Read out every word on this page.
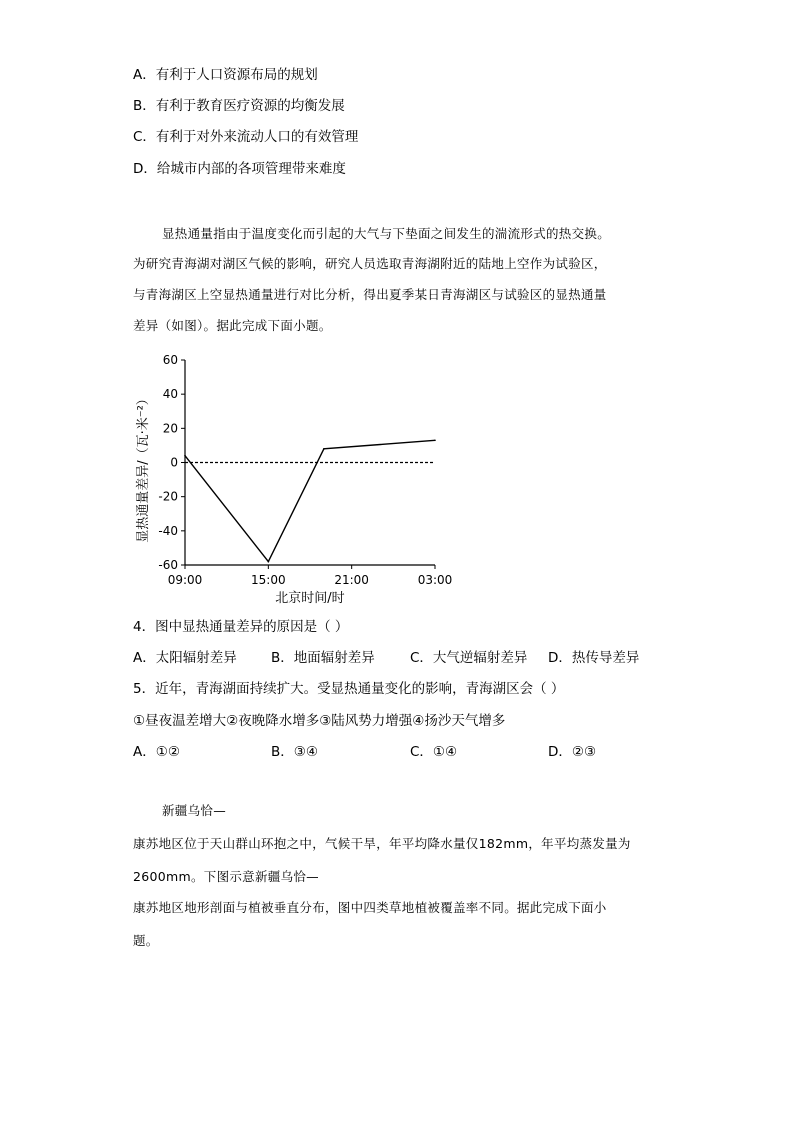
A．有利于人口资源布局的规划
B．有利于教育医疗资源的均衡发展
C．有利于对外来流动人口的有效管理
D．给城市内部的各项管理带来难度
显热通量指由于温度变化而引起的大气与下垫面之间发生的湍流形式的热交换。
为研究青海湖对湖区气候的影响，研究人员选取青海湖附近的陆地上空作为试验区，
与青海湖区上空显热通量进行对比分析，得出夏季某日青海湖区与试验区的显热通量
差异（如图）。据此完成下面小题。
60
40
20
0
-20
-40
-60
09:00	15:00	21:00	03:00
北京时间/时
显热通量差异/（瓦·米⁻²）
4．图中显热通量差异的原因是（ ）
A．太阳辐射差异	B．地面辐射差异	C．大气逆辐射差异 D．热传导差异
5．近年，青海湖面持续扩大。受显热通量变化的影响，青海湖区会（ ）
①昼夜温差增大②夜晚降水增多③陆风势力增强④扬沙天气增多
A．①②	B．③④	C．①④	D．②③
新疆乌恰—
康苏地区位于天山群山环抱之中，气候干旱，年平均降水量仅182mm，年平均蒸发量为
2600mm。下图示意新疆乌恰—
康苏地区地形剖面与植被垂直分布，图中四类草地植被覆盖率不同。据此完成下面小
题。
